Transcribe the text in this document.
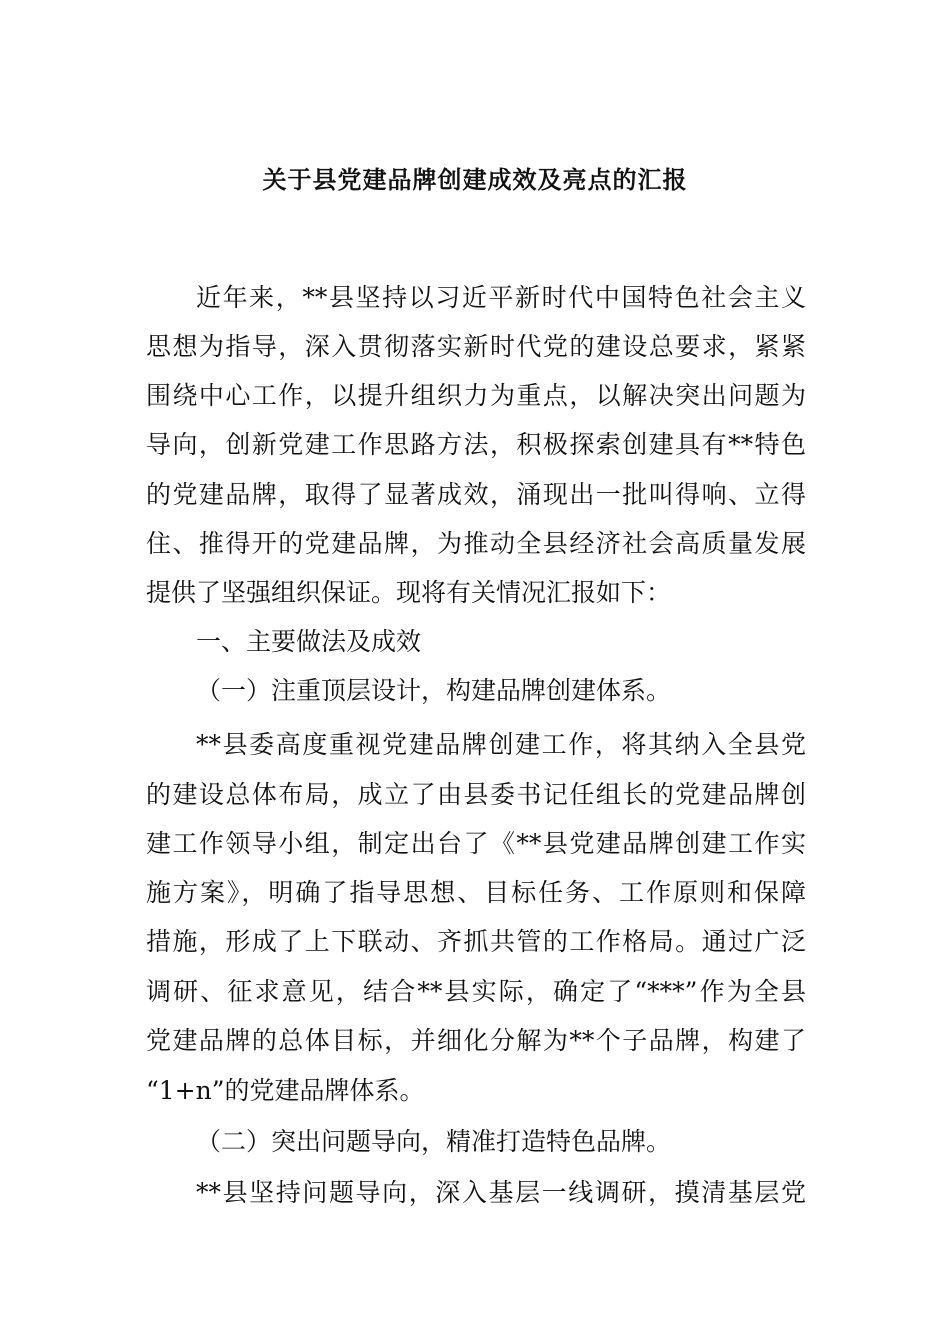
关于县党建品牌创建成效及亮点的汇报
近年来，**县坚持以习近平新时代中国特色社会主义
思想为指导，深入贯彻落实新时代党的建设总要求，紧紧
围绕中心工作，以提升组织力为重点，以解决突出问题为
导向，创新党建工作思路方法，积极探索创建具有**特色
的党建品牌，取得了显著成效，涌现出一批叫得响、立得
住、推得开的党建品牌，为推动全县经济社会高质量发展
提供了坚强组织保证。现将有关情况汇报如下：
一、主要做法及成效
（一）注重顶层设计，构建品牌创建体系。
**县委高度重视党建品牌创建工作，将其纳入全县党
的建设总体布局，成立了由县委书记任组长的党建品牌创
建工作领导小组，制定出台了《**县党建品牌创建工作实
施方案》，明确了指导思想、目标任务、工作原则和保障
措施，形成了上下联动、齐抓共管的工作格局。通过广泛
调研、征求意见，结合**县实际，确定了“***”作为全县
党建品牌的总体目标，并细化分解为**个子品牌，构建了
“1+n”的党建品牌体系。
（二）突出问题导向，精准打造特色品牌。
**县坚持问题导向，深入基层一线调研，摸清基层党
